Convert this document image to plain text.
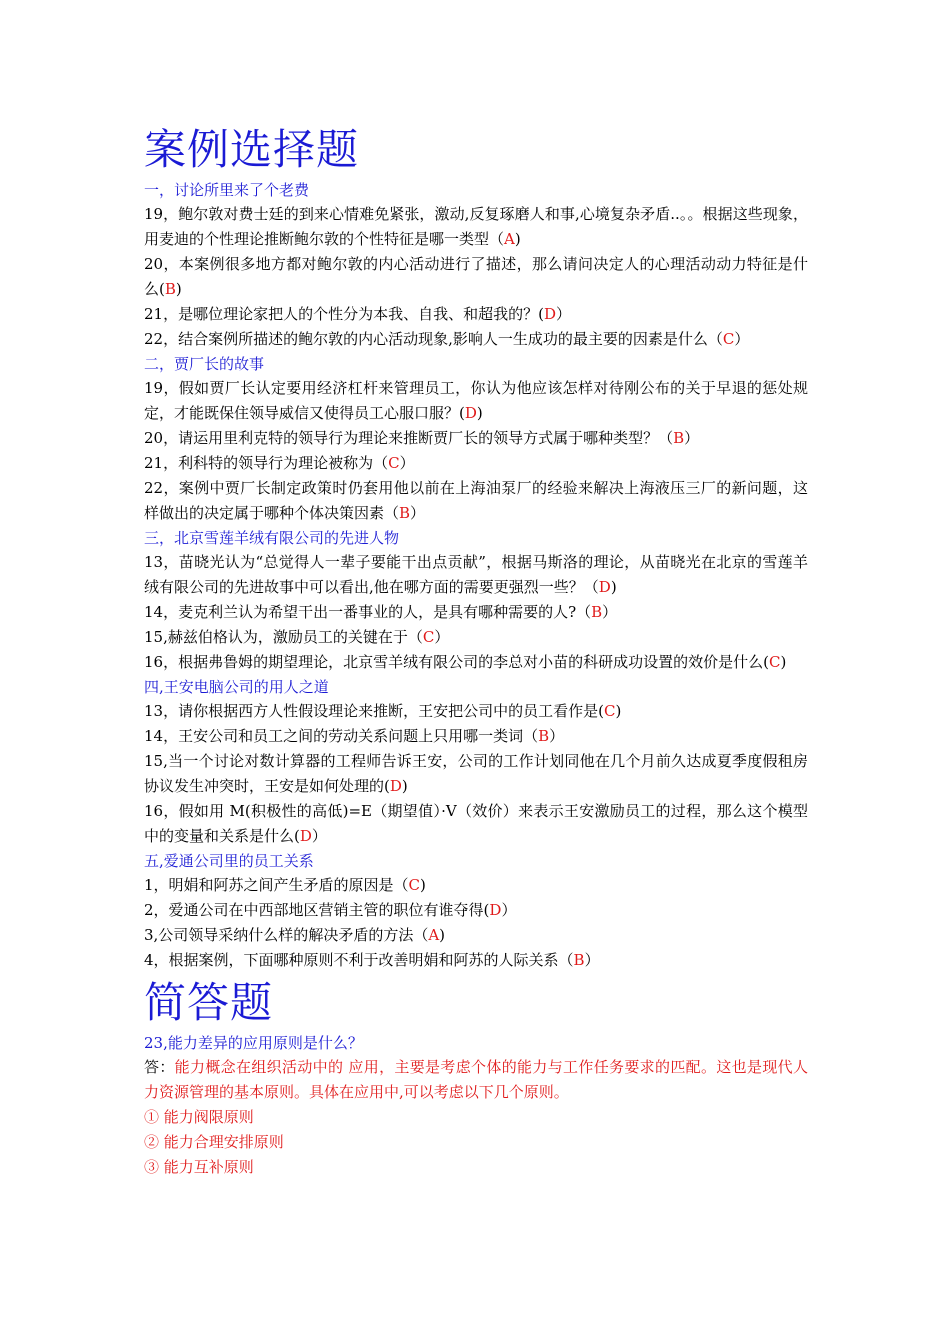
案例选择题

一，讨论所里来了个老费

19，鲍尔敦对费士廷的到来心情难免紧张，激动,反复琢磨人和事,心境复杂矛盾..。。根据这些现象，用麦迪的个性理论推断鲍尔敦的个性特征是哪一类型（A)

20，本案例很多地方都对鲍尔敦的内心活动进行了描述，那么请问决定人的心理活动动力特征是什么(B)

21，是哪位理论家把人的个性分为本我、自我、和超我的？(D）

22，结合案例所描述的鲍尔敦的内心活动现象,影响人一生成功的最主要的因素是什么（C）

二，贾厂长的故事

19，假如贾厂长认定要用经济杠杆来管理员工，你认为他应该怎样对待刚公布的关于早退的惩处规定，才能既保住领导威信又使得员工心服口服？(D)

20，请运用里利克特的领导行为理论来推断贾厂长的领导方式属于哪种类型？（B）

21，利科特的领导行为理论被称为（C）

22，案例中贾厂长制定政策时仍套用他以前在上海油泵厂的经验来解决上海液压三厂的新问题，这样做出的决定属于哪种个体决策因素（B）

三，北京雪莲羊绒有限公司的先进人物

13，苗晓光认为“总觉得人一辈子要能干出点贡献”，根据马斯洛的理论，从苗晓光在北京的雪莲羊绒有限公司的先进故事中可以看出,他在哪方面的需要更强烈一些？（D)

14，麦克利兰认为希望干出一番事业的人，是具有哪种需要的人?（B）

15,赫兹伯格认为，激励员工的关键在于（C）

16，根据弗鲁姆的期望理论，北京雪羊绒有限公司的李总对小苗的科研成功设置的效价是什么(C)

四,王安电脑公司的用人之道

13，请你根据西方人性假设理论来推断，王安把公司中的员工看作是(C)

14，王安公司和员工之间的劳动关系问题上只用哪一类词（B）

15,当一个讨论对数计算器的工程师告诉王安，公司的工作计划同他在几个月前久达成夏季度假租房协议发生冲突时，王安是如何处理的(D)

16，假如用 M(积极性的高低)=E（期望值）·V（效价）来表示王安激励员工的过程，那么这个模型中的变量和关系是什么(D）

五,爱通公司里的员工关系

1，明娟和阿苏之间产生矛盾的原因是（C)

2，爱通公司在中西部地区营销主管的职位有谁夺得(D）

3,公司领导采纳什么样的解决矛盾的方法（A)

4，根据案例，下面哪种原则不利于改善明娟和阿苏的人际关系（B）

简答题

23,能力差异的应用原则是什么？

答：能力概念在组织活动中的 应用，主要是考虑个体的能力与工作任务要求的匹配。这也是现代人力资源管理的基本原则。具体在应用中,可以考虑以下几个原则。

① 能力阀限原则

② 能力合理安排原则

③ 能力互补原则
